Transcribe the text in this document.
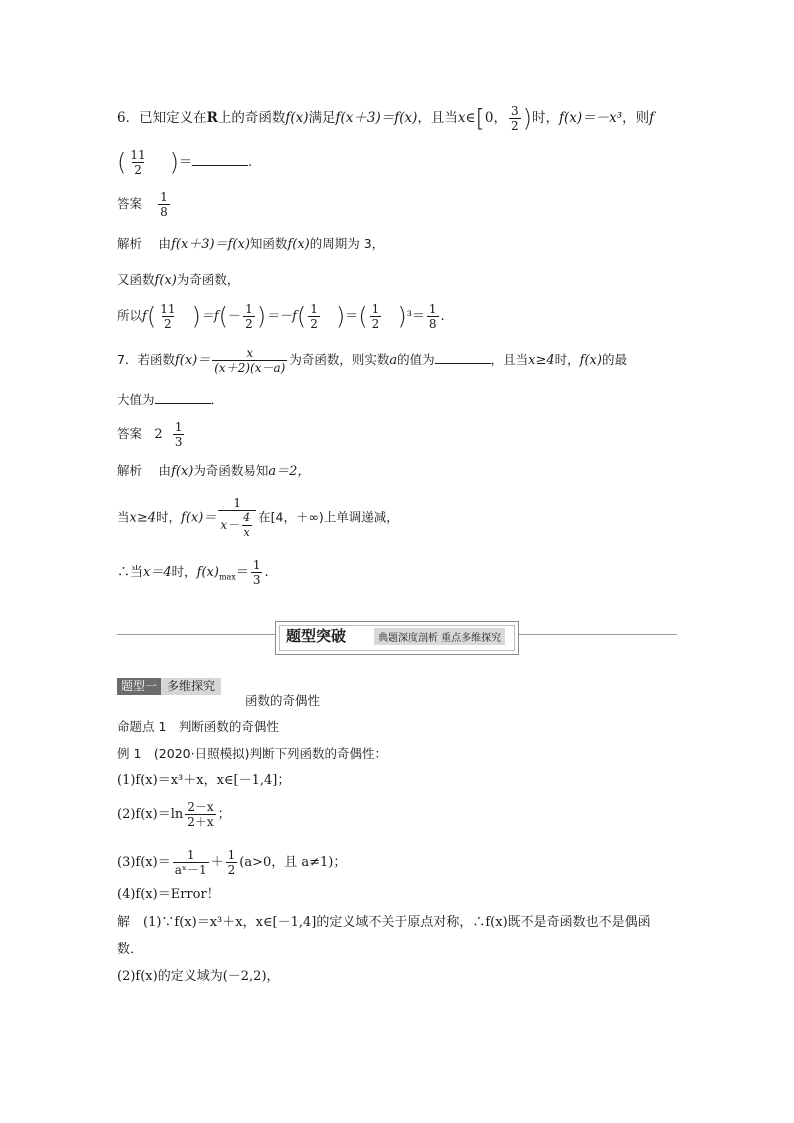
6．已知定义在R上的奇函数f(x)满足f(x＋3)＝f(x)，且当x∈[0， $\frac{3}{2}$ )时，f(x)＝－x³，则f
( $\frac{11}{2}$ )＝	.
答案 $\frac{1}{8}$
解析 由f(x＋3)＝f(x)知函数f(x)的周期为 3，
又函数f(x)为奇函数，
所以$f( \frac{11}{2} )=f(- \frac{1}{2} )=-f( \frac{1}{2}$ )＝( $\frac{1}{2} )^3= \frac{1}{8}$ .
7．若函数$f(x)= \frac{x}{(x+2)(x-a)}$ 为奇函数，则实数a的值为	，且当x≥4时，f(x)的最
大值为	．
答案 $2 \frac{1}{3}$
解析 由f(x)为奇函数易知a＝2，
当x≥4时，$f(x)= \frac{1}{x- \frac{4}{x}}$ 在[4，＋∞)上单调递减，
∴当x＝4时，$f(x)_{max}= \frac{1}{3}$ .
题型突破	典题深度剖析 重点多维探究
题型一 多维探究
函数的奇偶性
命题点 1　判断函数的奇偶性
例 1　(2020·日照模拟)判断下列函数的奇偶性：
(1)f(x)＝x³＋x，x∈[－1,4]；
$(2)f(x)=\ln \frac{2-x}{2+x}$ ；
$(3)f(x)= \frac{1}{\text{aˣ－1}} + \frac{1}{2} (a>0$，且 a≠1)；
(4)f(x)＝Error！
解　(1)∵f(x)＝x³＋x，x∈[－1,4]的定义域不关于原点对称，∴f(x)既不是奇函数也不是偶函
数．
(2)f(x)的定义域为(－2,2)，
